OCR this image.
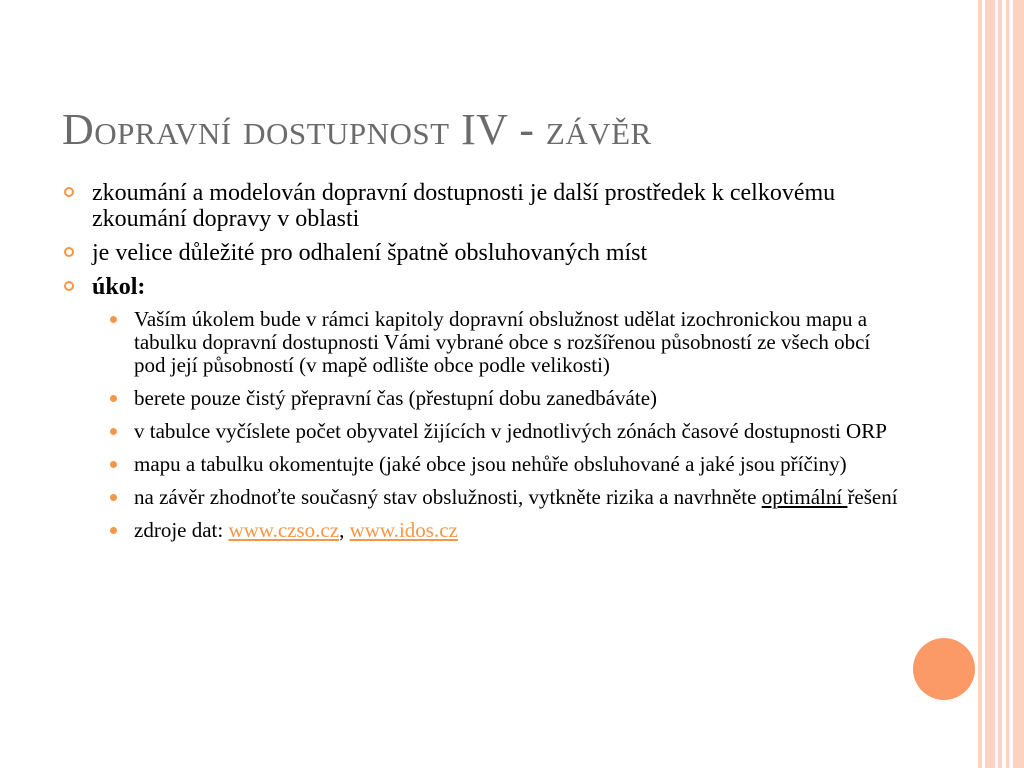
Dopravní dostupnost IV - závěr
zkoumání a modelován dopravní dostupnosti je další prostředek k celkovému zkoumání dopravy v oblasti
je velice důležité pro odhalení špatně obsluhovaných míst
úkol:
Vaším úkolem bude v rámci kapitoly dopravní obslužnost udělat izochronickou mapu a tabulku dopravní dostupnosti Vámi vybrané obce s rozšířenou působností ze všech obcí pod její působností (v mapě odlište obce podle velikosti)
berete pouze čistý přepravní čas (přestupní dobu zanedbáváte)
v tabulce vyčíslete počet obyvatel žijících v jednotlivých zónách časové dostupnosti ORP
mapu a tabulku okomentujte (jaké obce jsou nehůře obsluhované a jaké jsou příčiny)
na závěr zhodnoťte současný stav obslužnosti, vytkněte rizika a navrhněte optimální řešení
zdroje dat: www.czso.cz, www.idos.cz
